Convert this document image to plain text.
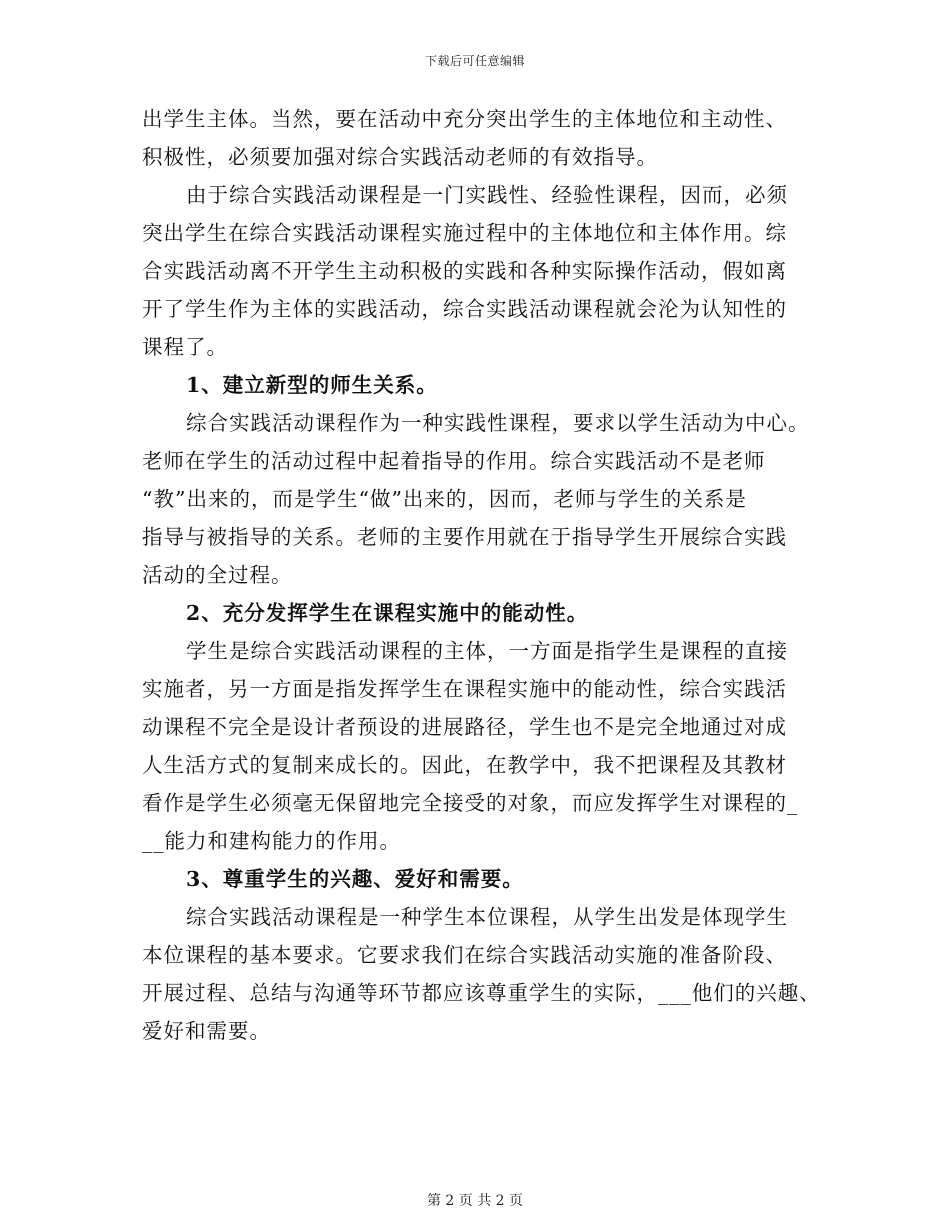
下载后可任意编辑
出学生主体。当然，要在活动中充分突出学生的主体地位和主动性、
积极性，必须要加强对综合实践活动老师的有效指导。
由于综合实践活动课程是一门实践性、经验性课程，因而，必须
突出学生在综合实践活动课程实施过程中的主体地位和主体作用。综
合实践活动离不开学生主动积极的实践和各种实际操作活动，假如离
开了学生作为主体的实践活动，综合实践活动课程就会沦为认知性的
课程了。
1、建立新型的师生关系。
综合实践活动课程作为一种实践性课程，要求以学生活动为中心。
老师在学生的活动过程中起着指导的作用。综合实践活动不是老师
“教”出来的，而是学生“做”出来的，因而，老师与学生的关系是
指导与被指导的关系。老师的主要作用就在于指导学生开展综合实践
活动的全过程。
2、充分发挥学生在课程实施中的能动性。
学生是综合实践活动课程的主体，一方面是指学生是课程的直接
实施者，另一方面是指发挥学生在课程实施中的能动性，综合实践活
动课程不完全是设计者预设的进展路径，学生也不是完全地通过对成
人生活方式的复制来成长的。因此，在教学中，我不把课程及其教材
看作是学生必须毫无保留地完全接受的对象，而应发挥学生对课程的_
__能力和建构能力的作用。
3、尊重学生的兴趣、爱好和需要。
综合实践活动课程是一种学生本位课程，从学生出发是体现学生
本位课程的基本要求。它要求我们在综合实践活动实施的准备阶段、
开展过程、总结与沟通等环节都应该尊重学生的实际，___他们的兴趣、
爱好和需要。
第 2 页 共 2 页
